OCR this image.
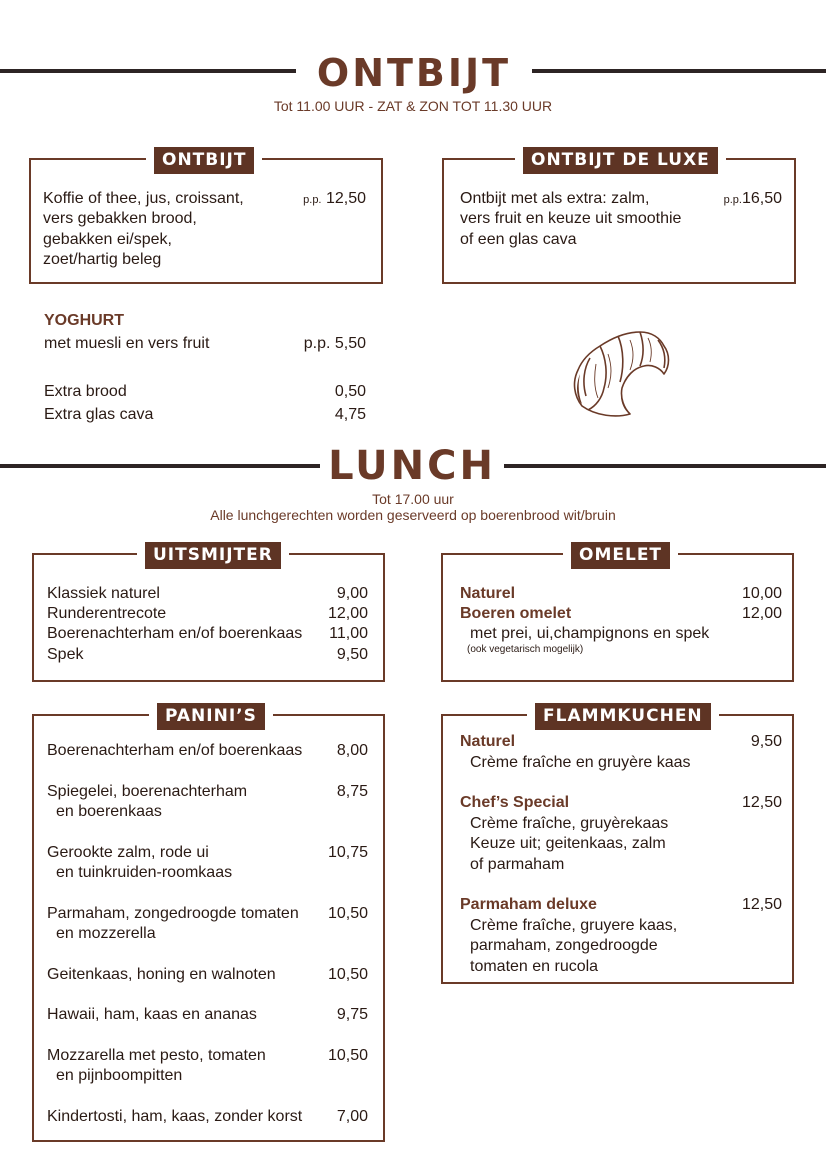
ONTBIJT
Tot 11.00 UUR - ZAT & ZON TOT 11.30 UUR
ONTBIJT
Koffie of thee, jus, croissant,
vers gebakken brood,
gebakken ei/spek,
zoet/hartig beleg
p.p. 12,50
ONTBIJT DE LUXE
Ontbijt met als extra: zalm,
vers fruit en keuze uit smoothie
of een glas cava
p.p.16,50
YOGHURT
met muesli en vers fruit	p.p. 5,50
Extra brood	0,50
Extra glas cava	4,75
LUNCH
Tot 17.00 uur
Alle lunchgerechten worden geserveerd op boerenbrood wit/bruin
UITSMIJTER
Klassiek naturel	9,00
Runderentrecote	12,00
Boerenachterham en/of boerenkaas	11,00
Spek	9,50
OMELET
Naturel	10,00
Boeren omelet	12,00
met prei, ui,champignons en spek
(ook vegetarisch mogelijk)
PANINI’S
Boerenachterham en/of boerenkaas	8,00
Spiegelei, boerenachterham
en boerenkaas
8,75
Gerookte zalm, rode ui
en tuinkruiden-roomkaas
10,75
Parmaham, zongedroogde tomaten
en mozzerella
10,50
Geitenkaas, honing en walnoten	10,50
Hawaii, ham, kaas en ananas	9,75
Mozzarella met pesto, tomaten
en pijnboompitten
10,50
Kindertosti, ham, kaas, zonder korst	7,00
FLAMMKUCHEN
Naturel	9,50
Crème fraîche en gruyère kaas
Chef’s Special	12,50
Crème fraîche, gruyèrekaas
Keuze uit; geitenkaas, zalm
of parmaham
Parmaham deluxe	12,50
Crème fraîche, gruyere kaas,
parmaham, zongedroogde
tomaten en rucola
